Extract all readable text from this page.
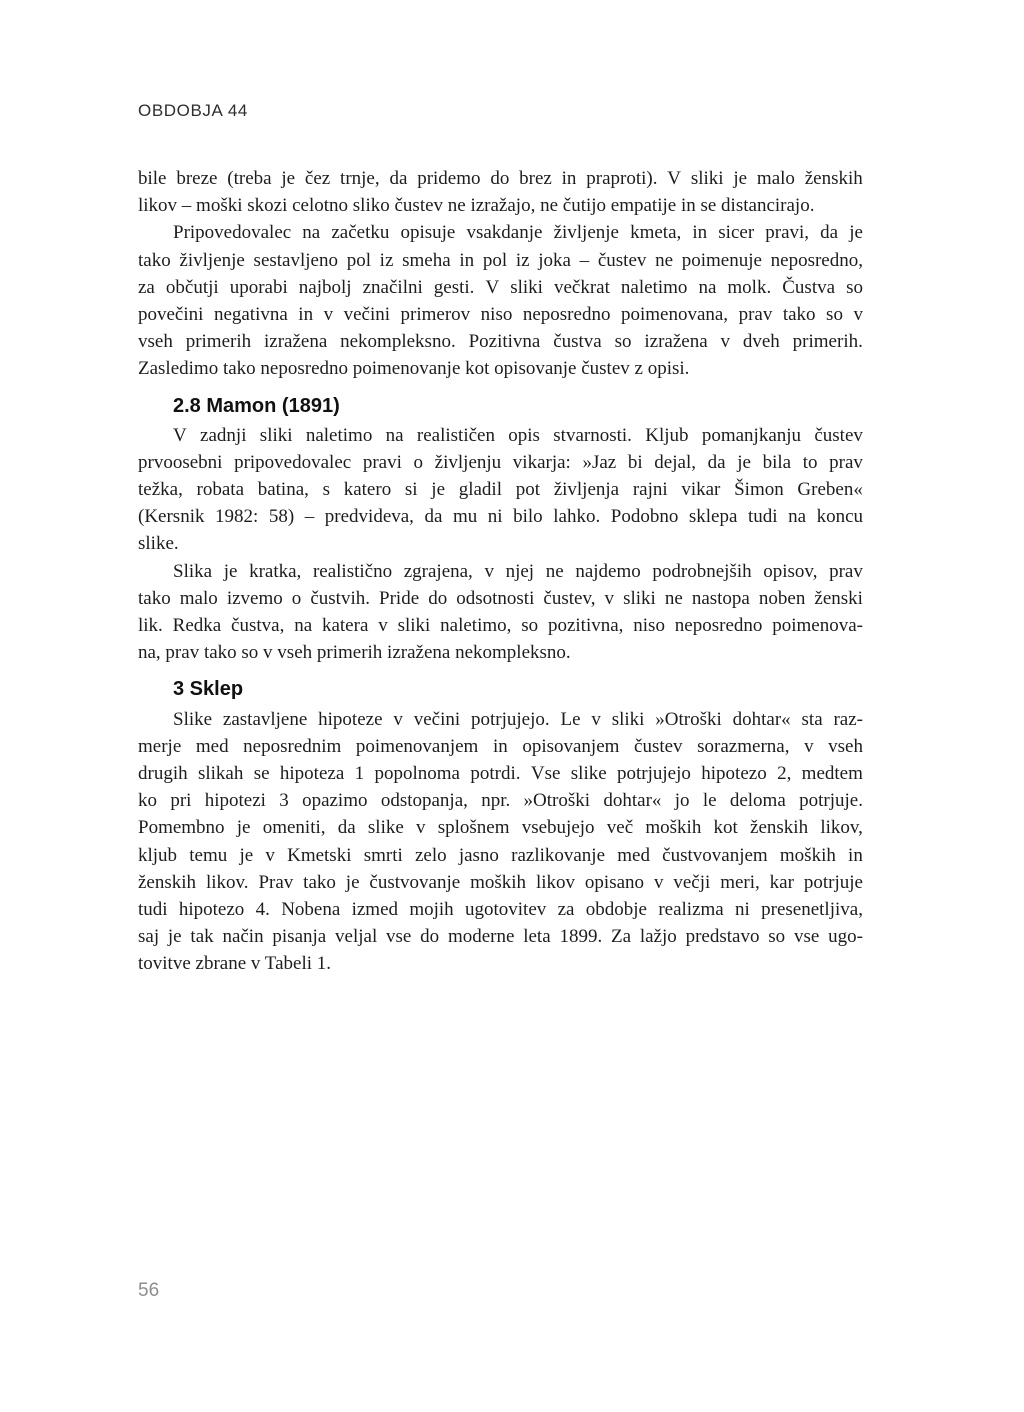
OBDOBJA 44
bile breze (treba je čez trnje, da pridemo do brez in praproti). V sliki je malo ženskih
likov – moški skozi celotno sliko čustev ne izražajo, ne čutijo empatije in se distancirajo.
Pripovedovalec na začetku opisuje vsakdanje življenje kmeta, in sicer pravi, da je
tako življenje sestavljeno pol iz smeha in pol iz joka – čustev ne poimenuje neposredno,
za občutji uporabi najbolj značilni gesti. V sliki večkrat naletimo na molk. Čustva so
povečini negativna in v večini primerov niso neposredno poimenovana, prav tako so v
vseh primerih izražena nekompleksno. Pozitivna čustva so izražena v dveh primerih.
Zasledimo tako neposredno poimenovanje kot opisovanje čustev z opisi.
2.8 Mamon (1891)
V zadnji sliki naletimo na realističen opis stvarnosti. Kljub pomanjkanju čustev
prvoosebni pripovedovalec pravi o življenju vikarja: »Jaz bi dejal, da je bila to prav
težka, robata batina, s katero si je gladil pot življenja rajni vikar Šimon Greben«
(Kersnik 1982: 58) – predvideva, da mu ni bilo lahko. Podobno sklepa tudi na koncu
slike.
Slika je kratka, realistično zgrajena, v njej ne najdemo podrobnejših opisov, prav
tako malo izvemo o čustvih. Pride do odsotnosti čustev, v sliki ne nastopa noben ženski
lik. Redka čustva, na katera v sliki naletimo, so pozitivna, niso neposredno poimenova-
na, prav tako so v vseh primerih izražena nekompleksno.
3 Sklep
Slike zastavljene hipoteze v večini potrjujejo. Le v sliki »Otroški dohtar« sta raz-
merje med neposrednim poimenovanjem in opisovanjem čustev sorazmerna, v vseh
drugih slikah se hipoteza 1 popolnoma potrdi. Vse slike potrjujejo hipotezo 2, medtem
ko pri hipotezi 3 opazimo odstopanja, npr. »Otroški dohtar« jo le deloma potrjuje.
Pomembno je omeniti, da slike v splošnem vsebujejo več moških kot ženskih likov,
kljub temu je v Kmetski smrti zelo jasno razlikovanje med čustvovanjem moških in
ženskih likov. Prav tako je čustvovanje moških likov opisano v večji meri, kar potrjuje
tudi hipotezo 4. Nobena izmed mojih ugotovitev za obdobje realizma ni presenetljiva,
saj je tak način pisanja veljal vse do moderne leta 1899. Za lažjo predstavo so vse ugo-
tovitve zbrane v Tabeli 1.
56
